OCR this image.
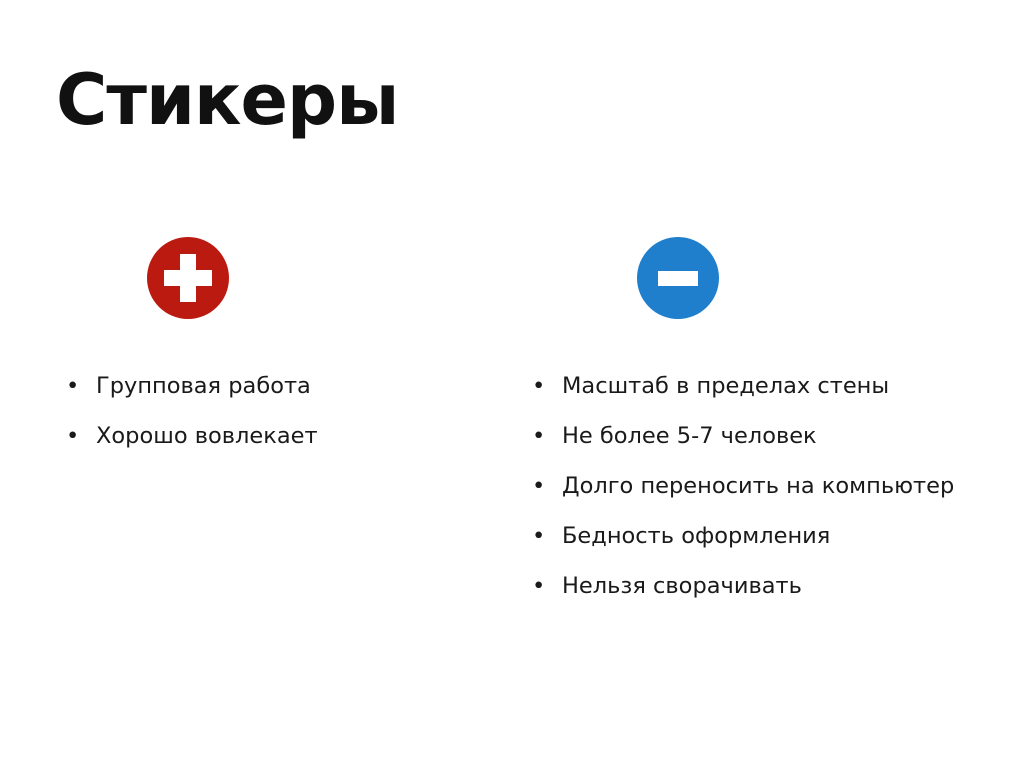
Стикеры
• Групповая работа
• Хорошо вовлекает
• Масштаб в пределах стены
• Не более 5-7 человек
• Долго переносить на компьютер
• Бедность оформления
• Нельзя сворачивать
